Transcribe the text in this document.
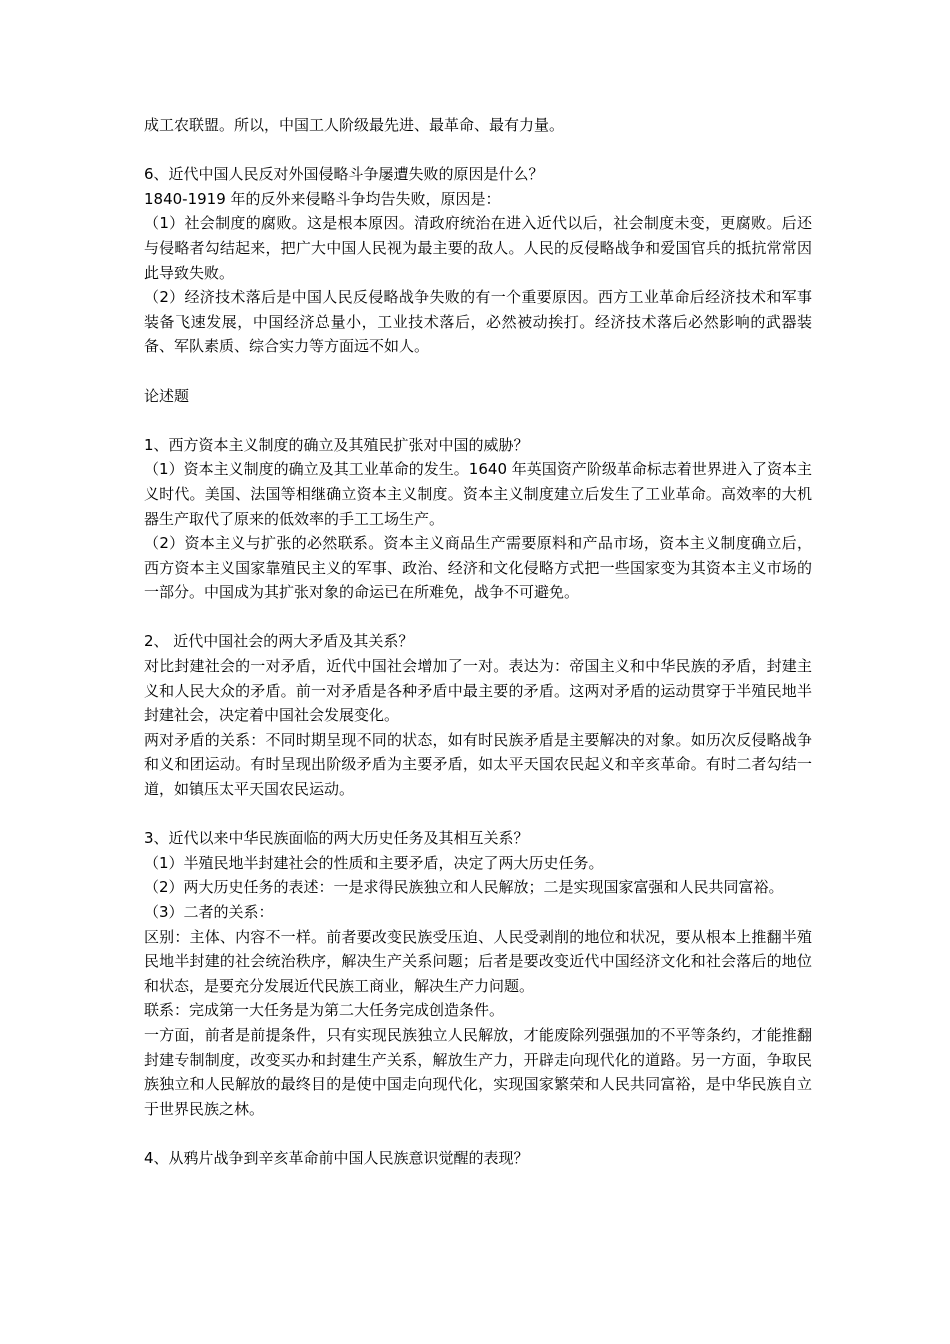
成工农联盟。所以，中国工人阶级最先进、最革命、最有力量。

6、近代中国人民反对外国侵略斗争屡遭失败的原因是什么？

1840-1919 年的反外来侵略斗争均告失败，原因是：

（1）社会制度的腐败。这是根本原因。清政府统治在进入近代以后，社会制度未变，更腐败。后还与侵略者勾结起来，把广大中国人民视为最主要的敌人。人民的反侵略战争和爱国官兵的抵抗常常因此导致失败。

（2）经济技术落后是中国人民反侵略战争失败的有一个重要原因。西方工业革命后经济技术和军事装备飞速发展，中国经济总量小，工业技术落后，必然被动挨打。经济技术落后必然影响的武器装备、军队素质、综合实力等方面远不如人。

论述题

1、西方资本主义制度的确立及其殖民扩张对中国的威胁？

（1）资本主义制度的确立及其工业革命的发生。1640 年英国资产阶级革命标志着世界进入了资本主义时代。美国、法国等相继确立资本主义制度。资本主义制度建立后发生了工业革命。高效率的大机器生产取代了原来的低效率的手工工场生产。

（2）资本主义与扩张的必然联系。资本主义商品生产需要原料和产品市场，资本主义制度确立后，西方资本主义国家靠殖民主义的军事、政治、经济和文化侵略方式把一些国家变为其资本主义市场的一部分。中国成为其扩张对象的命运已在所难免，战争不可避免。

2、 近代中国社会的两大矛盾及其关系？

对比封建社会的一对矛盾，近代中国社会增加了一对。表达为：帝国主义和中华民族的矛盾，封建主义和人民大众的矛盾。前一对矛盾是各种矛盾中最主要的矛盾。这两对矛盾的运动贯穿于半殖民地半封建社会，决定着中国社会发展变化。

两对矛盾的关系：不同时期呈现不同的状态，如有时民族矛盾是主要解决的对象。如历次反侵略战争和义和团运动。有时呈现出阶级矛盾为主要矛盾，如太平天国农民起义和辛亥革命。有时二者勾结一道，如镇压太平天国农民运动。

3、近代以来中华民族面临的两大历史任务及其相互关系？

（1）半殖民地半封建社会的性质和主要矛盾，决定了两大历史任务。

（2）两大历史任务的表述：一是求得民族独立和人民解放；二是实现国家富强和人民共同富裕。

（3）二者的关系：

区别：主体、内容不一样。前者要改变民族受压迫、人民受剥削的地位和状况，要从根本上推翻半殖民地半封建的社会统治秩序，解决生产关系问题；后者是要改变近代中国经济文化和社会落后的地位和状态，是要充分发展近代民族工商业，解决生产力问题。

联系：完成第一大任务是为第二大任务完成创造条件。

一方面，前者是前提条件，只有实现民族独立人民解放，才能废除列强强加的不平等条约，才能推翻封建专制制度，改变买办和封建生产关系，解放生产力，开辟走向现代化的道路。另一方面，争取民族独立和人民解放的最终目的是使中国走向现代化，实现国家繁荣和人民共同富裕，是中华民族自立于世界民族之林。

4、从鸦片战争到辛亥革命前中国人民族意识觉醒的表现？
